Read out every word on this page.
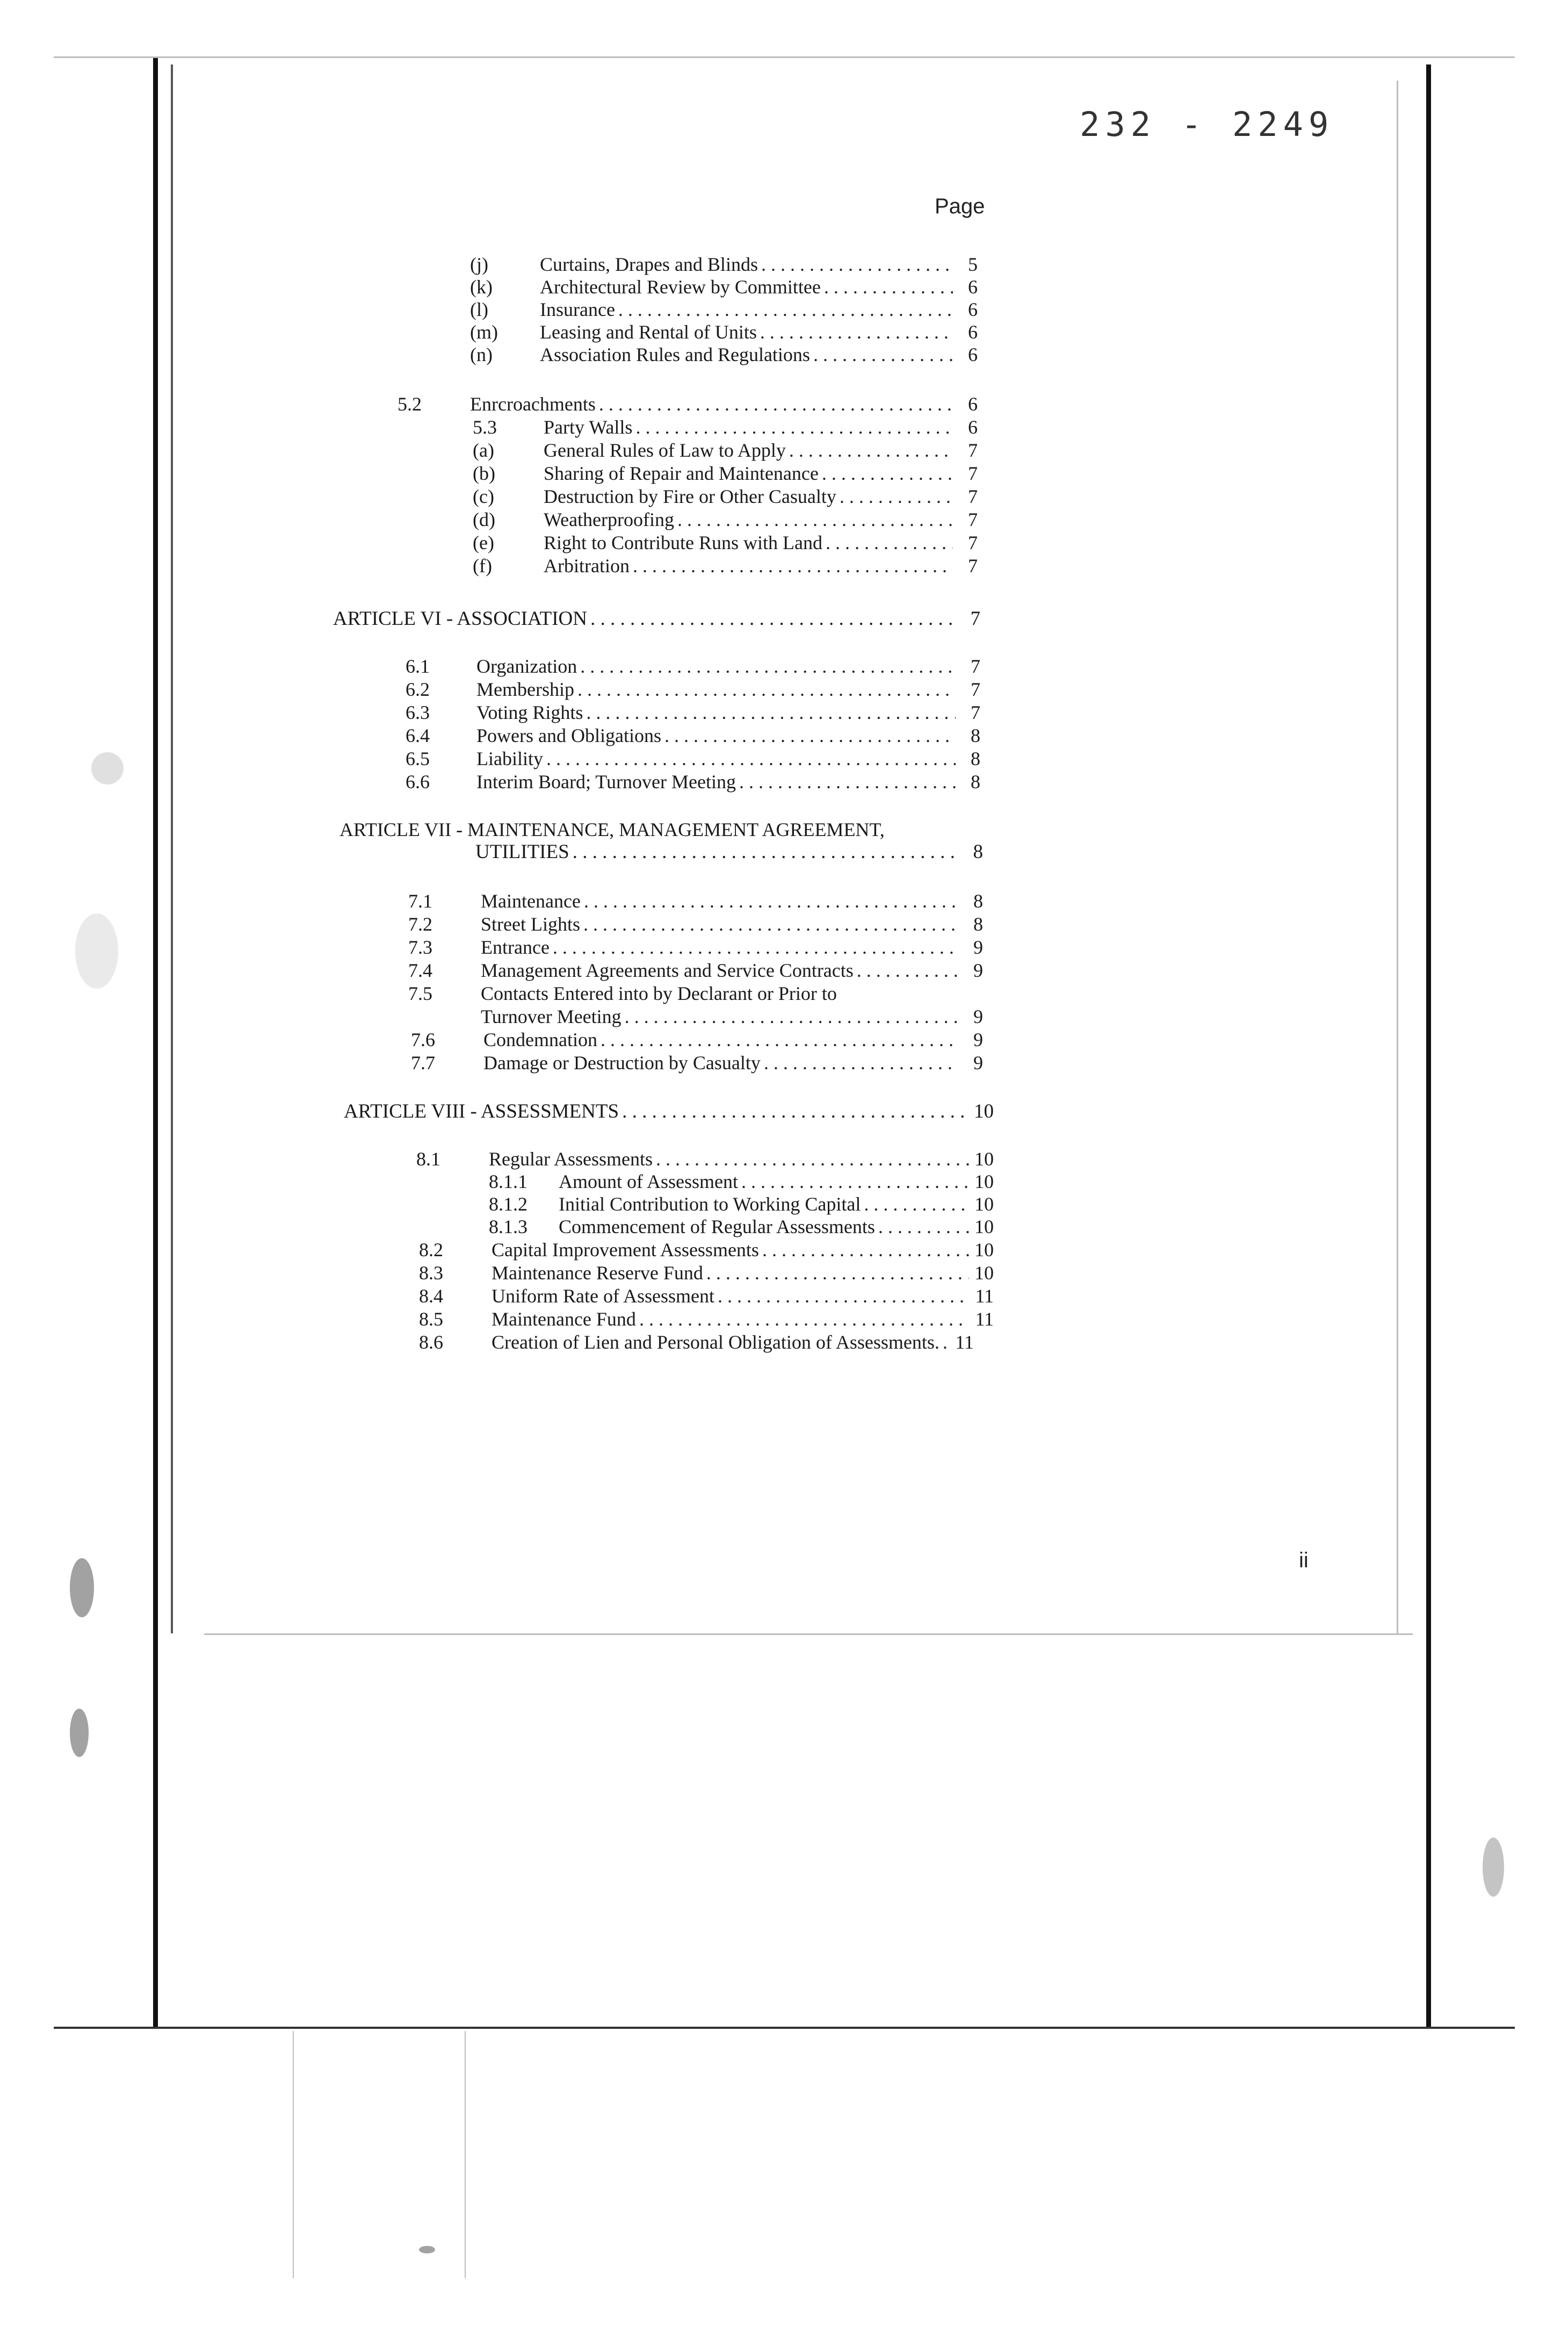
232 - 2249
Page
(j)	Curtains, Drapes and Blinds . . .	5
(k)	Architectural Review by Committee . . .	6
(l)	Insurance . . .	6
(m)	Leasing and Rental of Units . . .	6
(n)	Association Rules and Regulations . . .	6
5.2	Enrcroachments . . .	6
5.3	Party Walls . . .	6
(a)	General Rules of Law to Apply . . .	7
(b)	Sharing of Repair and Maintenance . . .	7
(c)	Destruction by Fire or Other Casualty . . .	7
(d)	Weatherproofing . . .	7
(e)	Right to Contribute Runs with Land . . .	7
(f)	Arbitration . . .	7
ARTICLE VI - ASSOCIATION . . .	7
6.1	Organization . . .	7
6.2	Membership . . .	7
6.3	Voting Rights . . .	7
6.4	Powers and Obligations . . .	8
6.5	Liability . . .	8
6.6	Interim Board; Turnover Meeting . . .	8
ARTICLE VII - MAINTENANCE, MANAGEMENT AGREEMENT,
UTILITIES . . .	8
7.1	Maintenance . . .	8
7.2	Street Lights . . .	8
7.3	Entrance . . .	9
7.4	Management Agreements and Service Contracts . . .	9
7.5	Contacts Entered into by Declarant or Prior to
Turnover Meeting . . .	9
7.6	Condemnation . . .	9
7.7	Damage or Destruction by Casualty . . .	9
ARTICLE VIII - ASSESSMENTS . . .	10
8.1	Regular Assessments . . .	10
8.1.1	Amount of Assessment . . .	10
8.1.2	Initial Contribution to Working Capital . . .	10
8.1.3	Commencement of Regular Assessments . . .	10
8.2	Capital Improvement Assessments . . .	10
8.3	Maintenance Reserve Fund . . .	10
8.4	Uniform Rate of Assessment . . .	11
8.5	Maintenance Fund . . .	11
8.6	Creation of Lien and Personal Obligation of Assessments. . . . 11
ii
